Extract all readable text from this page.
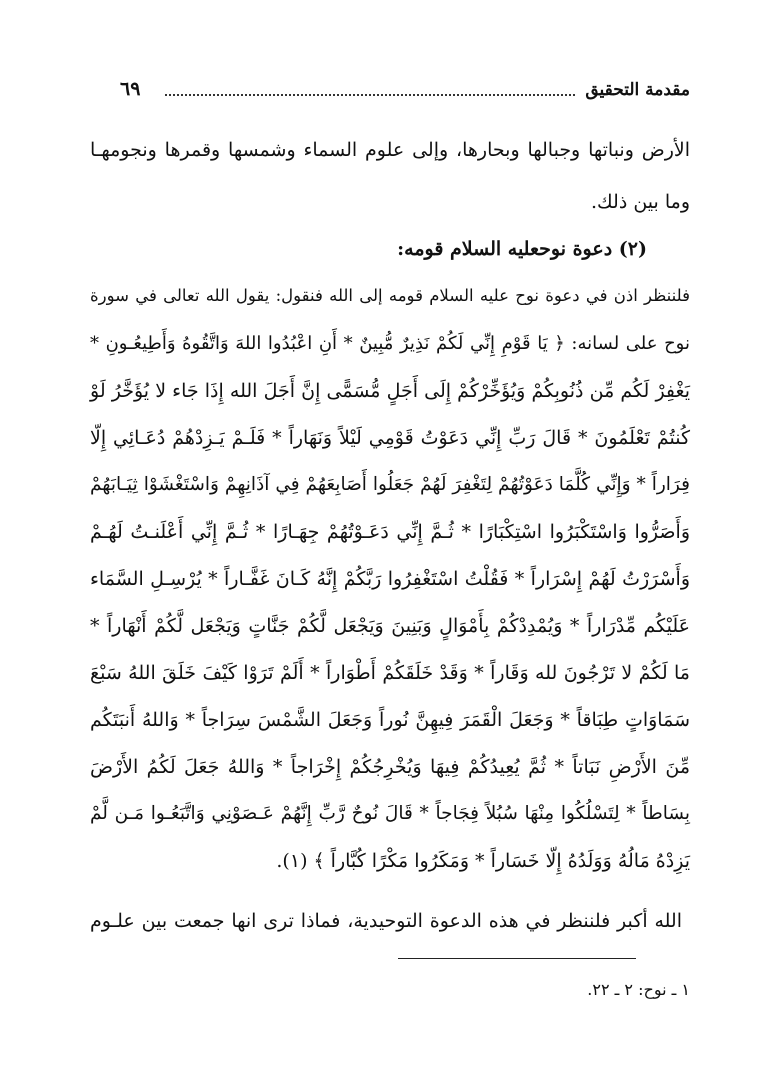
٦٩	مقدمة التحقيق
الأرض ونباتها وجبالها وبحارها، وإلى علوم السماء وشمسها وقمرها ونجومهـا
وما بين ذلك.
(٢) دعوة نوحعليه السلام قومه:
فلننظر اذن في دعوة نوح عليه السلام قومه إلى الله فنقول: يقول الله تعالى في سورة
نوح على لسانه: ﴿ يَا قَوْمِ إِنِّي لَكُمْ نَذِيرٌ مُّبِينٌ * أَنِ اعْبُدُوا اللهَ وَاتَّقُوهُ وَأَطِيعُـونِ *
يَغْفِرْ لَكُم مِّن ذُنُوبِكُمْ وَيُؤَخِّرْكُمْ إِلَى أَجَلٍ مُّسَمًّى إِنَّ أَجَلَ الله إِذَا جَاء لا يُؤَخَّرُ لَوْ
كُنتُمْ تَعْلَمُونَ * قَالَ رَبِّ إِنِّي دَعَوْتُ قَوْمِي لَيْلاً وَنَهَاراً * فَلَـمْ يَـزِدْهُمْ دُعَـائِي إِلّا
فِرَاراً * وَإِنِّي كُلَّمَا دَعَوْتُهُمْ لِتَغْفِرَ لَهُمْ جَعَلُوا أَصَابِعَهُمْ فِي آذَانِهِمْ وَاسْتَغْشَوْا ثِيَـابَهُمْ
وَأَصَرُّوا وَاسْتَكْبَرُوا اسْتِكْبَارًا * ثُـمَّ إِنِّي دَعَـوْتُهُمْ جِهَـارًا * ثُـمَّ إِنِّي أَعْلَنـتُ لَهُـمْ
وَأَسْرَرْتُ لَهُمْ إِسْرَاراً * فَقُلْتُ اسْتَغْفِرُوا رَبَّكُمْ إِنَّهُ كَـانَ غَفَّـاراً * يُرْسِـلِ السَّمَاء
عَلَيْكُم مِّدْرَاراً * وَيُمْدِدْكُمْ بِأَمْوَالٍ وَبَنِينَ وَيَجْعَل لَّكُمْ جَنَّاتٍ وَيَجْعَل لَّكُمْ أَنْهَاراً *
مَا لَكُمْ لا تَرْجُونَ لله وَقَاراً * وَقَدْ خَلَقَكُمْ أَطْوَاراً * أَلَمْ تَرَوْا كَيْفَ خَلَقَ اللهُ سَبْعَ
سَمَاوَاتٍ طِبَاقاً * وَجَعَلَ الْقَمَرَ فِيهِنَّ نُوراً وَجَعَلَ الشَّمْسَ سِرَاجاً * وَاللهُ أَنبَتَكُم
مِّنَ الأَرْضِ نَبَاتاً * ثُمَّ يُعِيدُكُمْ فِيهَا وَيُخْرِجُكُمْ إِخْرَاجاً * وَاللهُ جَعَلَ لَكُمُ الأَرْضَ
بِسَاطاً * لِتَسْلُكُوا مِنْهَا سُبُلاً فِجَاجاً * قَالَ نُوحٌ رَّبِّ إِنَّهُمْ عَـصَوْنِي وَاتَّبَعُـوا مَـن لَّمْ
يَزِدْهُ مَالُهُ وَوَلَدُهُ إِلّا خَسَاراً * وَمَكَرُوا مَكْرًا كُبَّاراً ﴾ (١).
الله أكبر فلننظر في هذه الدعوة التوحيدية، فماذا ترى انها جمعت بين علـوم
١ ـ نوح: ٢ ـ ٢٢.
